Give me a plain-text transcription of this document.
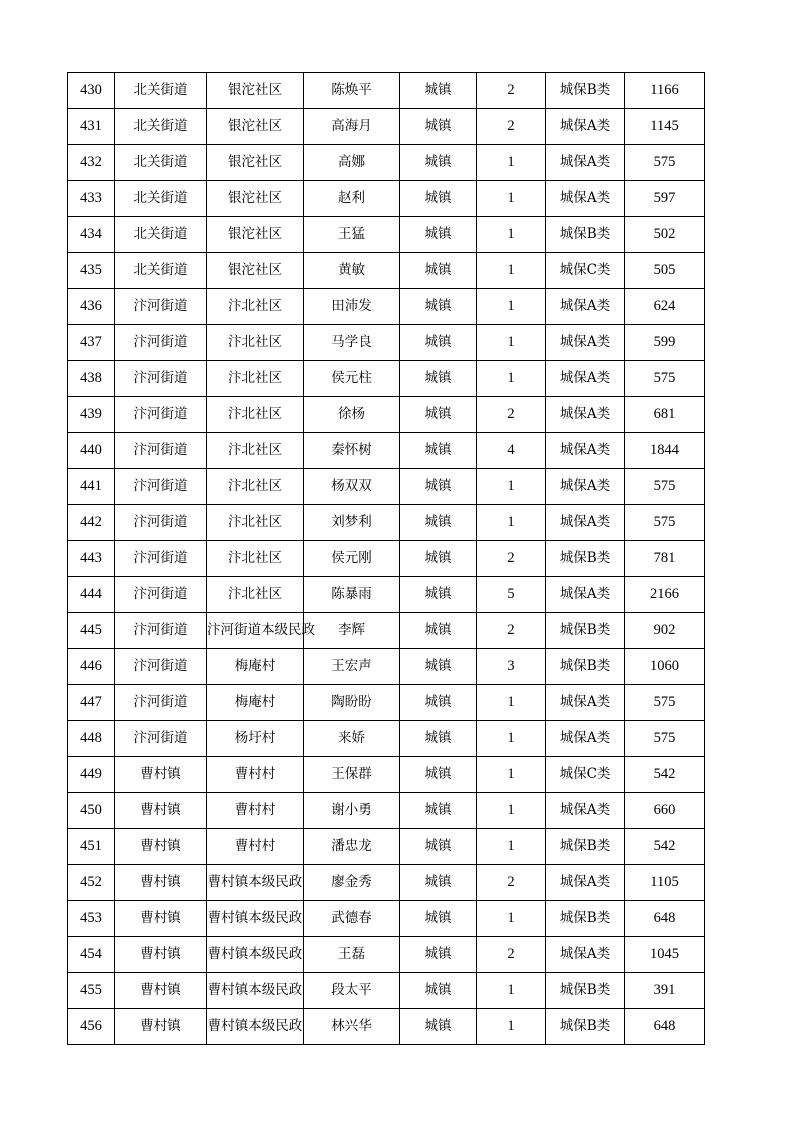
430	北关街道	银沱社区	陈焕平	城镇	2	城保B类	1166
431	北关街道	银沱社区	高海月	城镇	2	城保A类	1145
432	北关街道	银沱社区	高娜	城镇	1	城保A类	575
433	北关街道	银沱社区	赵利	城镇	1	城保A类	597
434	北关街道	银沱社区	王猛	城镇	1	城保B类	502
435	北关街道	银沱社区	黄敏	城镇	1	城保C类	505
436	汴河街道	汴北社区	田沛发	城镇	1	城保A类	624
437	汴河街道	汴北社区	马学良	城镇	1	城保A类	599
438	汴河街道	汴北社区	侯元柱	城镇	1	城保A类	575
439	汴河街道	汴北社区	徐杨	城镇	2	城保A类	681
440	汴河街道	汴北社区	秦怀树	城镇	4	城保A类	1844
441	汴河街道	汴北社区	杨双双	城镇	1	城保A类	575
442	汴河街道	汴北社区	刘梦利	城镇	1	城保A类	575
443	汴河街道	汴北社区	侯元刚	城镇	2	城保B类	781
444	汴河街道	汴北社区	陈暴雨	城镇	5	城保A类	2166
445	汴河街道	汴河街道本级民政	李辉	城镇	2	城保B类	902
446	汴河街道	梅庵村	王宏声	城镇	3	城保B类	1060
447	汴河街道	梅庵村	陶盼盼	城镇	1	城保A类	575
448	汴河街道	杨圩村	来娇	城镇	1	城保A类	575
449	曹村镇	曹村村	王保群	城镇	1	城保C类	542
450	曹村镇	曹村村	谢小勇	城镇	1	城保A类	660
451	曹村镇	曹村村	潘忠龙	城镇	1	城保B类	542
452	曹村镇	曹村镇本级民政	廖金秀	城镇	2	城保A类	1105
453	曹村镇	曹村镇本级民政	武德春	城镇	1	城保B类	648
454	曹村镇	曹村镇本级民政	王磊	城镇	2	城保A类	1045
455	曹村镇	曹村镇本级民政	段太平	城镇	1	城保B类	391
456	曹村镇	曹村镇本级民政	林兴华	城镇	1	城保B类	648
